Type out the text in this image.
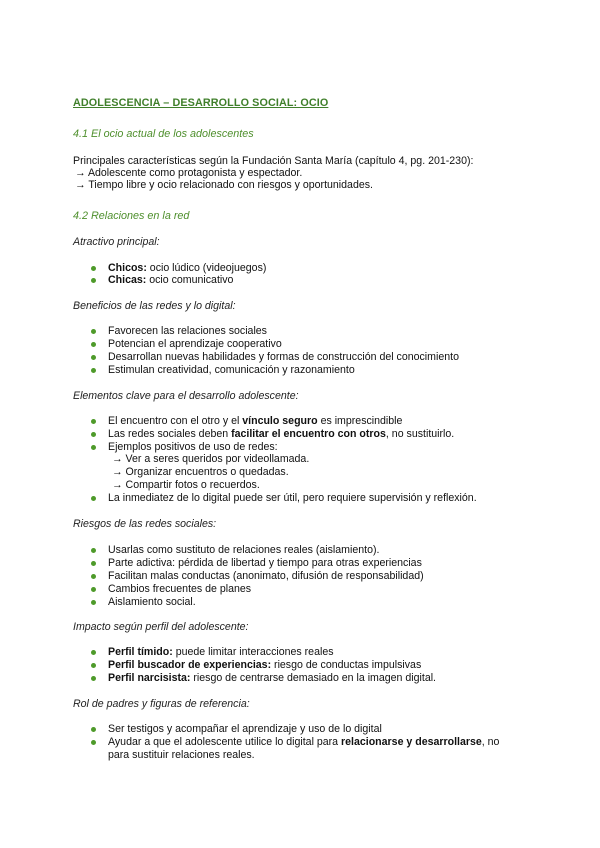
ADOLESCENCIA – DESARROLLO SOCIAL: OCIO
4.1 El ocio actual de los adolescentes
Principales características según la Fundación Santa María (capítulo 4, pg. 201-230):
→ Adolescente como protagonista y espectador.
→ Tiempo libre y ocio relacionado con riesgos y oportunidades.
4.2 Relaciones en la red
Atractivo principal:
Chicos: ocio lúdico (videojuegos)
Chicas: ocio comunicativo
Beneficios de las redes y lo digital:
Favorecen las relaciones sociales
Potencian el aprendizaje cooperativo
Desarrollan nuevas habilidades y formas de construcción del conocimiento
Estimulan creatividad, comunicación y razonamiento
Elementos clave para el desarrollo adolescente:
El encuentro con el otro y el vínculo seguro es imprescindible
Las redes sociales deben facilitar el encuentro con otros, no sustituirlo.
Ejemplos positivos de uso de redes:
→ Ver a seres queridos por videollamada.
→ Organizar encuentros o quedadas.
→ Compartir fotos o recuerdos.
La inmediatez de lo digital puede ser útil, pero requiere supervisión y reflexión.
Riesgos de las redes sociales:
Usarlas como sustituto de relaciones reales (aislamiento).
Parte adictiva: pérdida de libertad y tiempo para otras experiencias
Facilitan malas conductas (anonimato, difusión de responsabilidad)
Cambios frecuentes de planes
Aislamiento social.
Impacto según perfil del adolescente:
Perfil tímido: puede limitar interacciones reales
Perfil buscador de experiencias: riesgo de conductas impulsivas
Perfil narcisista: riesgo de centrarse demasiado en la imagen digital.
Rol de padres y figuras de referencia:
Ser testigos y acompañar el aprendizaje y uso de lo digital
Ayudar a que el adolescente utilice lo digital para relacionarse y desarrollarse, no
para sustituir relaciones reales.
